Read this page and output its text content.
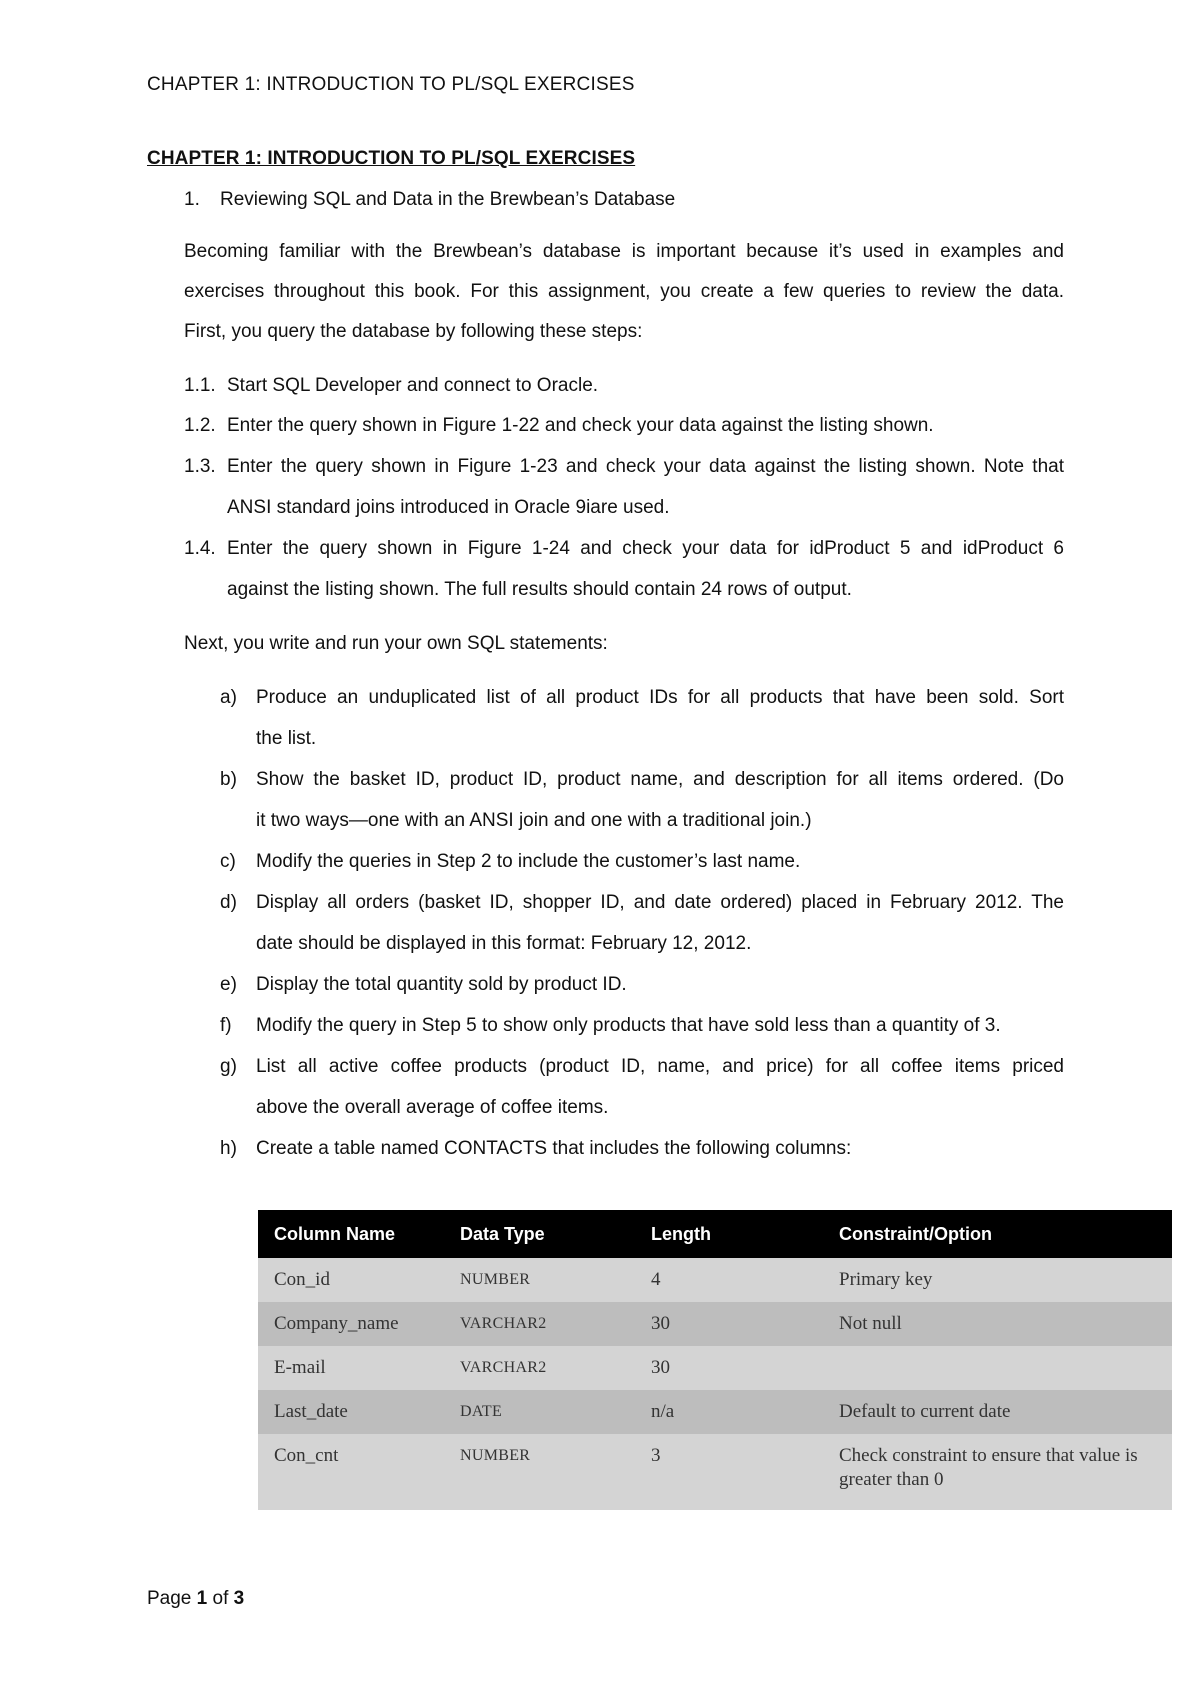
CHAPTER 1: INTRODUCTION TO PL/SQL EXERCISES
CHAPTER 1: INTRODUCTION TO PL/SQL EXERCISES
1. Reviewing SQL and Data in the Brewbean’s Database
Becoming familiar with the Brewbean’s database is important because it’s used in examples and
exercises throughout this book. For this assignment, you create a few queries to review the data.
First, you query the database by following these steps:
1.1. Start SQL Developer and connect to Oracle.
1.2. Enter the query shown in Figure 1-22 and check your data against the listing shown.
1.3. Enter the query shown in Figure 1-23 and check your data against the listing shown. Note that
ANSI standard joins introduced in Oracle 9iare used.
1.4. Enter the query shown in Figure 1-24 and check your data for idProduct 5 and idProduct 6
against the listing shown. The full results should contain 24 rows of output.
Next, you write and run your own SQL statements:
a) Produce an unduplicated list of all product IDs for all products that have been sold. Sort
the list.
b) Show the basket ID, product ID, product name, and description for all items ordered. (Do
it two ways—one with an ANSI join and one with a traditional join.)
c) Modify the queries in Step 2 to include the customer’s last name.
d) Display all orders (basket ID, shopper ID, and date ordered) placed in February 2012. The
date should be displayed in this format: February 12, 2012.
e) Display the total quantity sold by product ID.
f) Modify the query in Step 5 to show only products that have sold less than a quantity of 3.
g) List all active coffee products (product ID, name, and price) for all coffee items priced
above the overall average of coffee items.
h) Create a table named CONTACTS that includes the following columns:
Column Name	Data Type	Length	Constraint/Option
Con_id	NUMBER	4	Primary key
Company_name	VARCHAR2	30	Not null
E-mail	VARCHAR2	30	
Last_date	DATE	n/a	Default to current date
Con_cnt	NUMBER	3	Check constraint to ensure that value is greater than 0
Page 1 of 3
